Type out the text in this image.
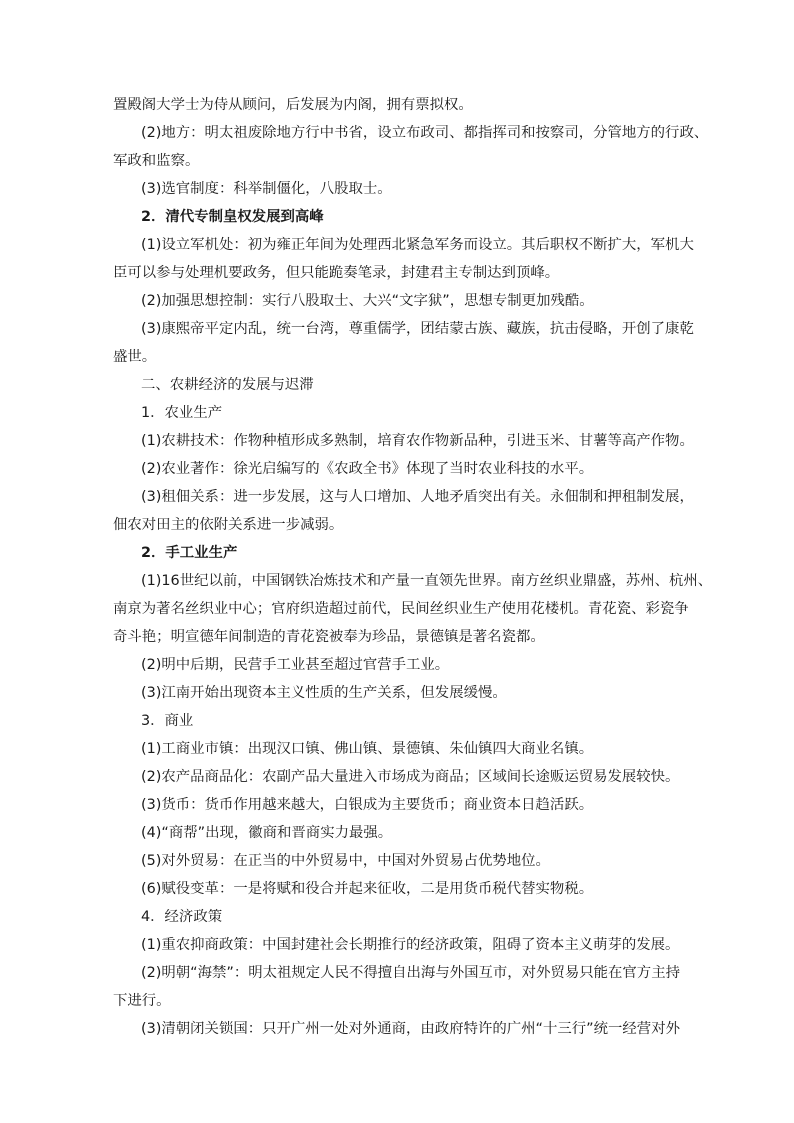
置殿阁大学士为侍从顾问，后发展为内阁，拥有票拟权。
(2)地方：明太祖废除地方行中书省，设立布政司、都指挥司和按察司，分管地方的行政、
军政和监察。
(3)选官制度：科举制僵化，八股取士。
2．清代专制皇权发展到高峰
(1)设立军机处：初为雍正年间为处理西北紧急军务而设立。其后职权不断扩大，军机大
臣可以参与处理机要政务，但只能跪奏笔录，封建君主专制达到顶峰。
(2)加强思想控制：实行八股取士、大兴“文字狱”，思想专制更加残酷。
(3)康熙帝平定内乱，统一台湾，尊重儒学，团结蒙古族、藏族，抗击侵略，开创了康乾
盛世。
二、农耕经济的发展与迟滞
1．农业生产
(1)农耕技术：作物种植形成多熟制，培育农作物新品种，引进玉米、甘薯等高产作物。
(2)农业著作：徐光启编写的《农政全书》体现了当时农业科技的水平。
(3)租佃关系：进一步发展，这与人口增加、人地矛盾突出有关。永佃制和押租制发展，
佃农对田主的依附关系进一步减弱。
2．手工业生产
(1)16世纪以前，中国钢铁冶炼技术和产量一直领先世界。南方丝织业鼎盛，苏州、杭州、
南京为著名丝织业中心；官府织造超过前代，民间丝织业生产使用花楼机。青花瓷、彩瓷争
奇斗艳；明宣德年间制造的青花瓷被奉为珍品，景德镇是著名瓷都。
(2)明中后期，民营手工业甚至超过官营手工业。
(3)江南开始出现资本主义性质的生产关系，但发展缓慢。
3．商业
(1)工商业市镇：出现汉口镇、佛山镇、景德镇、朱仙镇四大商业名镇。
(2)农产品商品化：农副产品大量进入市场成为商品；区域间长途贩运贸易发展较快。
(3)货币：货币作用越来越大，白银成为主要货币；商业资本日趋活跃。
(4)“商帮”出现，徽商和晋商实力最强。
(5)对外贸易：在正当的中外贸易中，中国对外贸易占优势地位。
(6)赋役变革：一是将赋和役合并起来征收，二是用货币税代替实物税。
4．经济政策
(1)重农抑商政策：中国封建社会长期推行的经济政策，阻碍了资本主义萌芽的发展。
(2)明朝“海禁”：明太祖规定人民不得擅自出海与外国互市，对外贸易只能在官方主持
下进行。
(3)清朝闭关锁国：只开广州一处对外通商，由政府特许的广州“十三行”统一经营对外
